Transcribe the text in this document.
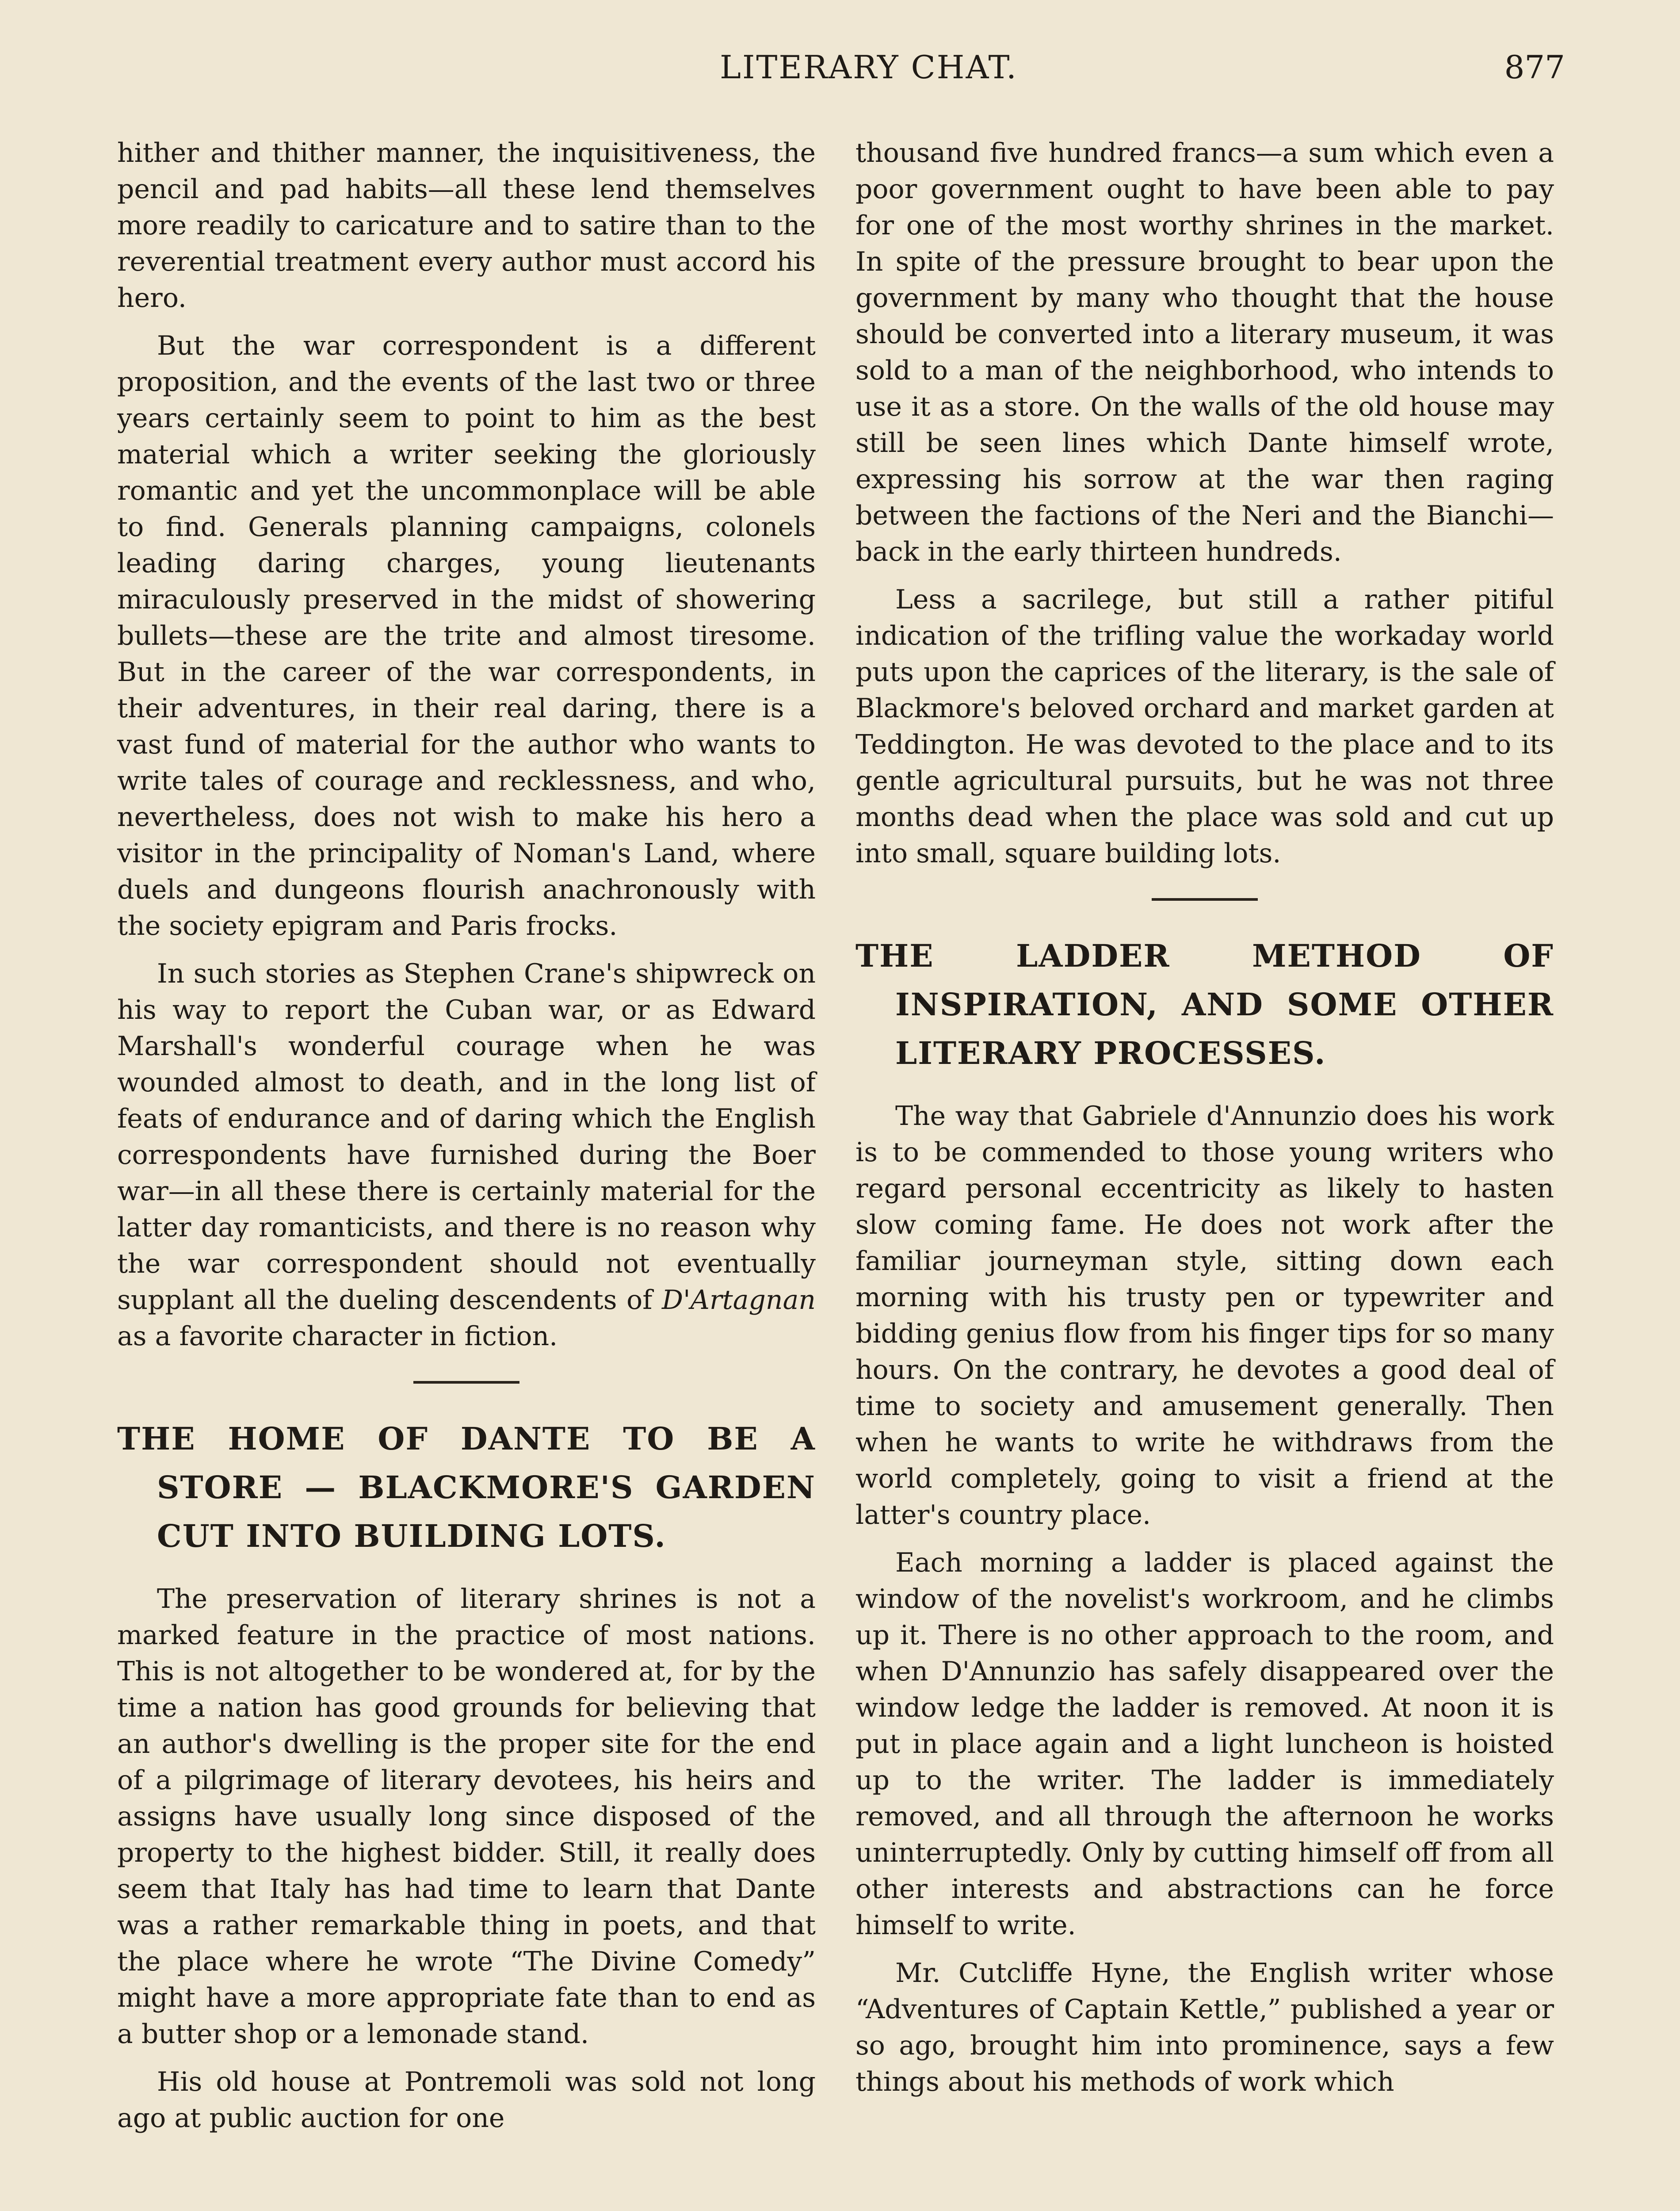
LITERARY CHAT.	877

hither and thither manner, the inquisitiveness, the pencil and pad habits—all these lend themselves more readily to caricature and to satire than to the reverential treatment every author must accord his hero.

But the war correspondent is a different proposition, and the events of the last two or three years certainly seem to point to him as the best material which a writer seeking the gloriously romantic and yet the uncommonplace will be able to find. Generals planning campaigns, colonels leading daring charges, young lieutenants miraculously preserved in the midst of showering bullets—these are the trite and almost tiresome. But in the career of the war correspondents, in their adventures, in their real daring, there is a vast fund of material for the author who wants to write tales of courage and recklessness, and who, nevertheless, does not wish to make his hero a visitor in the principality of Noman's Land, where duels and dungeons flourish anachronously with the society epigram and Paris frocks.

In such stories as Stephen Crane's shipwreck on his way to report the Cuban war, or as Edward Marshall's wonderful courage when he was wounded almost to death, and in the long list of feats of endurance and of daring which the English correspondents have furnished during the Boer war—in all these there is certainly material for the latter day romanticists, and there is no reason why the war correspondent should not eventually supplant all the dueling descendents of D'Artagnan as a favorite character in fiction.

THE HOME OF DANTE TO BE A STORE — BLACKMORE'S GARDEN CUT INTO BUILDING LOTS.

The preservation of literary shrines is not a marked feature in the practice of most nations. This is not altogether to be wondered at, for by the time a nation has good grounds for believing that an author's dwelling is the proper site for the end of a pilgrimage of literary devotees, his heirs and assigns have usually long since disposed of the property to the highest bidder. Still, it really does seem that Italy has had time to learn that Dante was a rather remarkable thing in poets, and that the place where he wrote “The Divine Comedy” might have a more appropriate fate than to end as a butter shop or a lemonade stand.

His old house at Pontremoli was sold not long ago at public auction for one

thousand five hundred francs—a sum which even a poor government ought to have been able to pay for one of the most worthy shrines in the market. In spite of the pressure brought to bear upon the government by many who thought that the house should be converted into a literary museum, it was sold to a man of the neighborhood, who intends to use it as a store. On the walls of the old house may still be seen lines which Dante himself wrote, expressing his sorrow at the war then raging between the factions of the Neri and the Bianchi—back in the early thirteen hundreds.

Less a sacrilege, but still a rather pitiful indication of the trifling value the workaday world puts upon the caprices of the literary, is the sale of Blackmore's beloved orchard and market garden at Teddington. He was devoted to the place and to its gentle agricultural pursuits, but he was not three months dead when the place was sold and cut up into small, square building lots.

THE LADDER METHOD OF INSPIRATION, AND SOME OTHER LITERARY PROCESSES.

The way that Gabriele d'Annunzio does his work is to be commended to those young writers who regard personal eccentricity as likely to hasten slow coming fame. He does not work after the familiar journeyman style, sitting down each morning with his trusty pen or typewriter and bidding genius flow from his finger tips for so many hours. On the contrary, he devotes a good deal of time to society and amusement generally. Then when he wants to write he withdraws from the world completely, going to visit a friend at the latter's country place.

Each morning a ladder is placed against the window of the novelist's workroom, and he climbs up it. There is no other approach to the room, and when D'Annunzio has safely disappeared over the window ledge the ladder is removed. At noon it is put in place again and a light luncheon is hoisted up to the writer. The ladder is immediately removed, and all through the afternoon he works uninterruptedly. Only by cutting himself off from all other interests and abstractions can he force himself to write.

Mr. Cutcliffe Hyne, the English writer whose “Adventures of Captain Kettle,” published a year or so ago, brought him into prominence, says a few things about his methods of work which
